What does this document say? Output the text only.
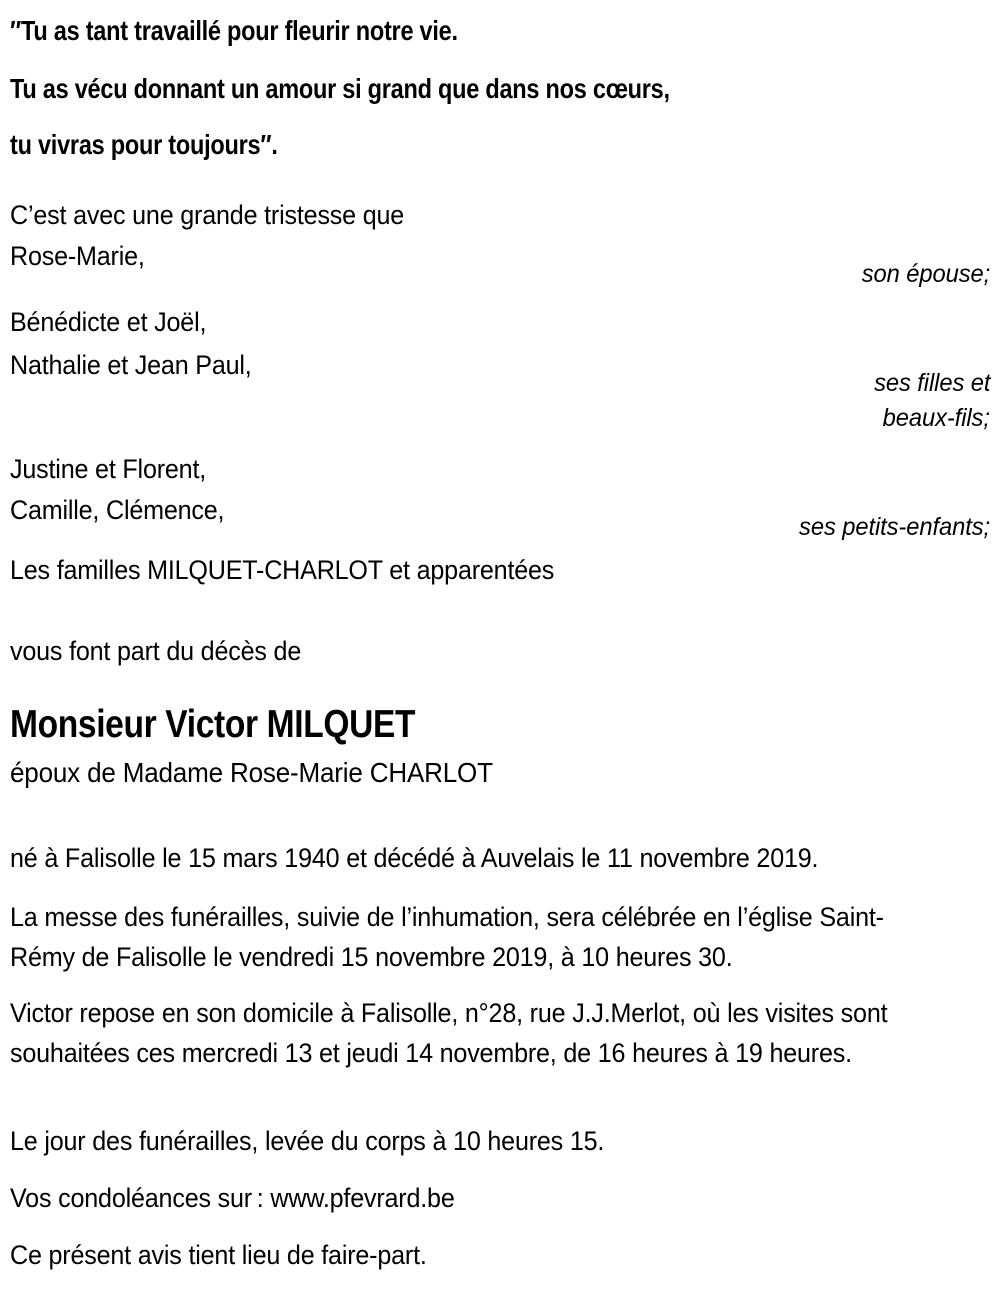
″Tu as tant travaillé pour fleurir notre vie.

Tu as vécu donnant un amour si grand que dans nos cœurs,

tu vivras pour toujours″.

C’est avec une grande tristesse que

Rose-Marie,

son épouse;

Bénédicte et Joël,

Nathalie et Jean Paul,

ses filles et

beaux-fils;

Justine et Florent,

Camille, Clémence,

ses petits-enfants;

Les familles MILQUET-CHARLOT et apparentées

vous font part du décès de

Monsieur Victor MILQUET

époux de Madame Rose-Marie CHARLOT

né à Falisolle le 15 mars 1940 et décédé à Auvelais le 11 novembre 2019.

La messe des funérailles, suivie de l’inhumation, sera célébrée en l’église Saint-Rémy de Falisolle le vendredi 15 novembre 2019, à 10 heures 30.

Victor repose en son domicile à Falisolle, n°28, rue J.J.Merlot, où les visites sont souhaitées ces mercredi 13 et jeudi 14 novembre, de 16 heures à 19 heures.

Le jour des funérailles, levée du corps à 10 heures 15.

Vos condoléances sur : www.pfevrard.be

Ce présent avis tient lieu de faire-part.
